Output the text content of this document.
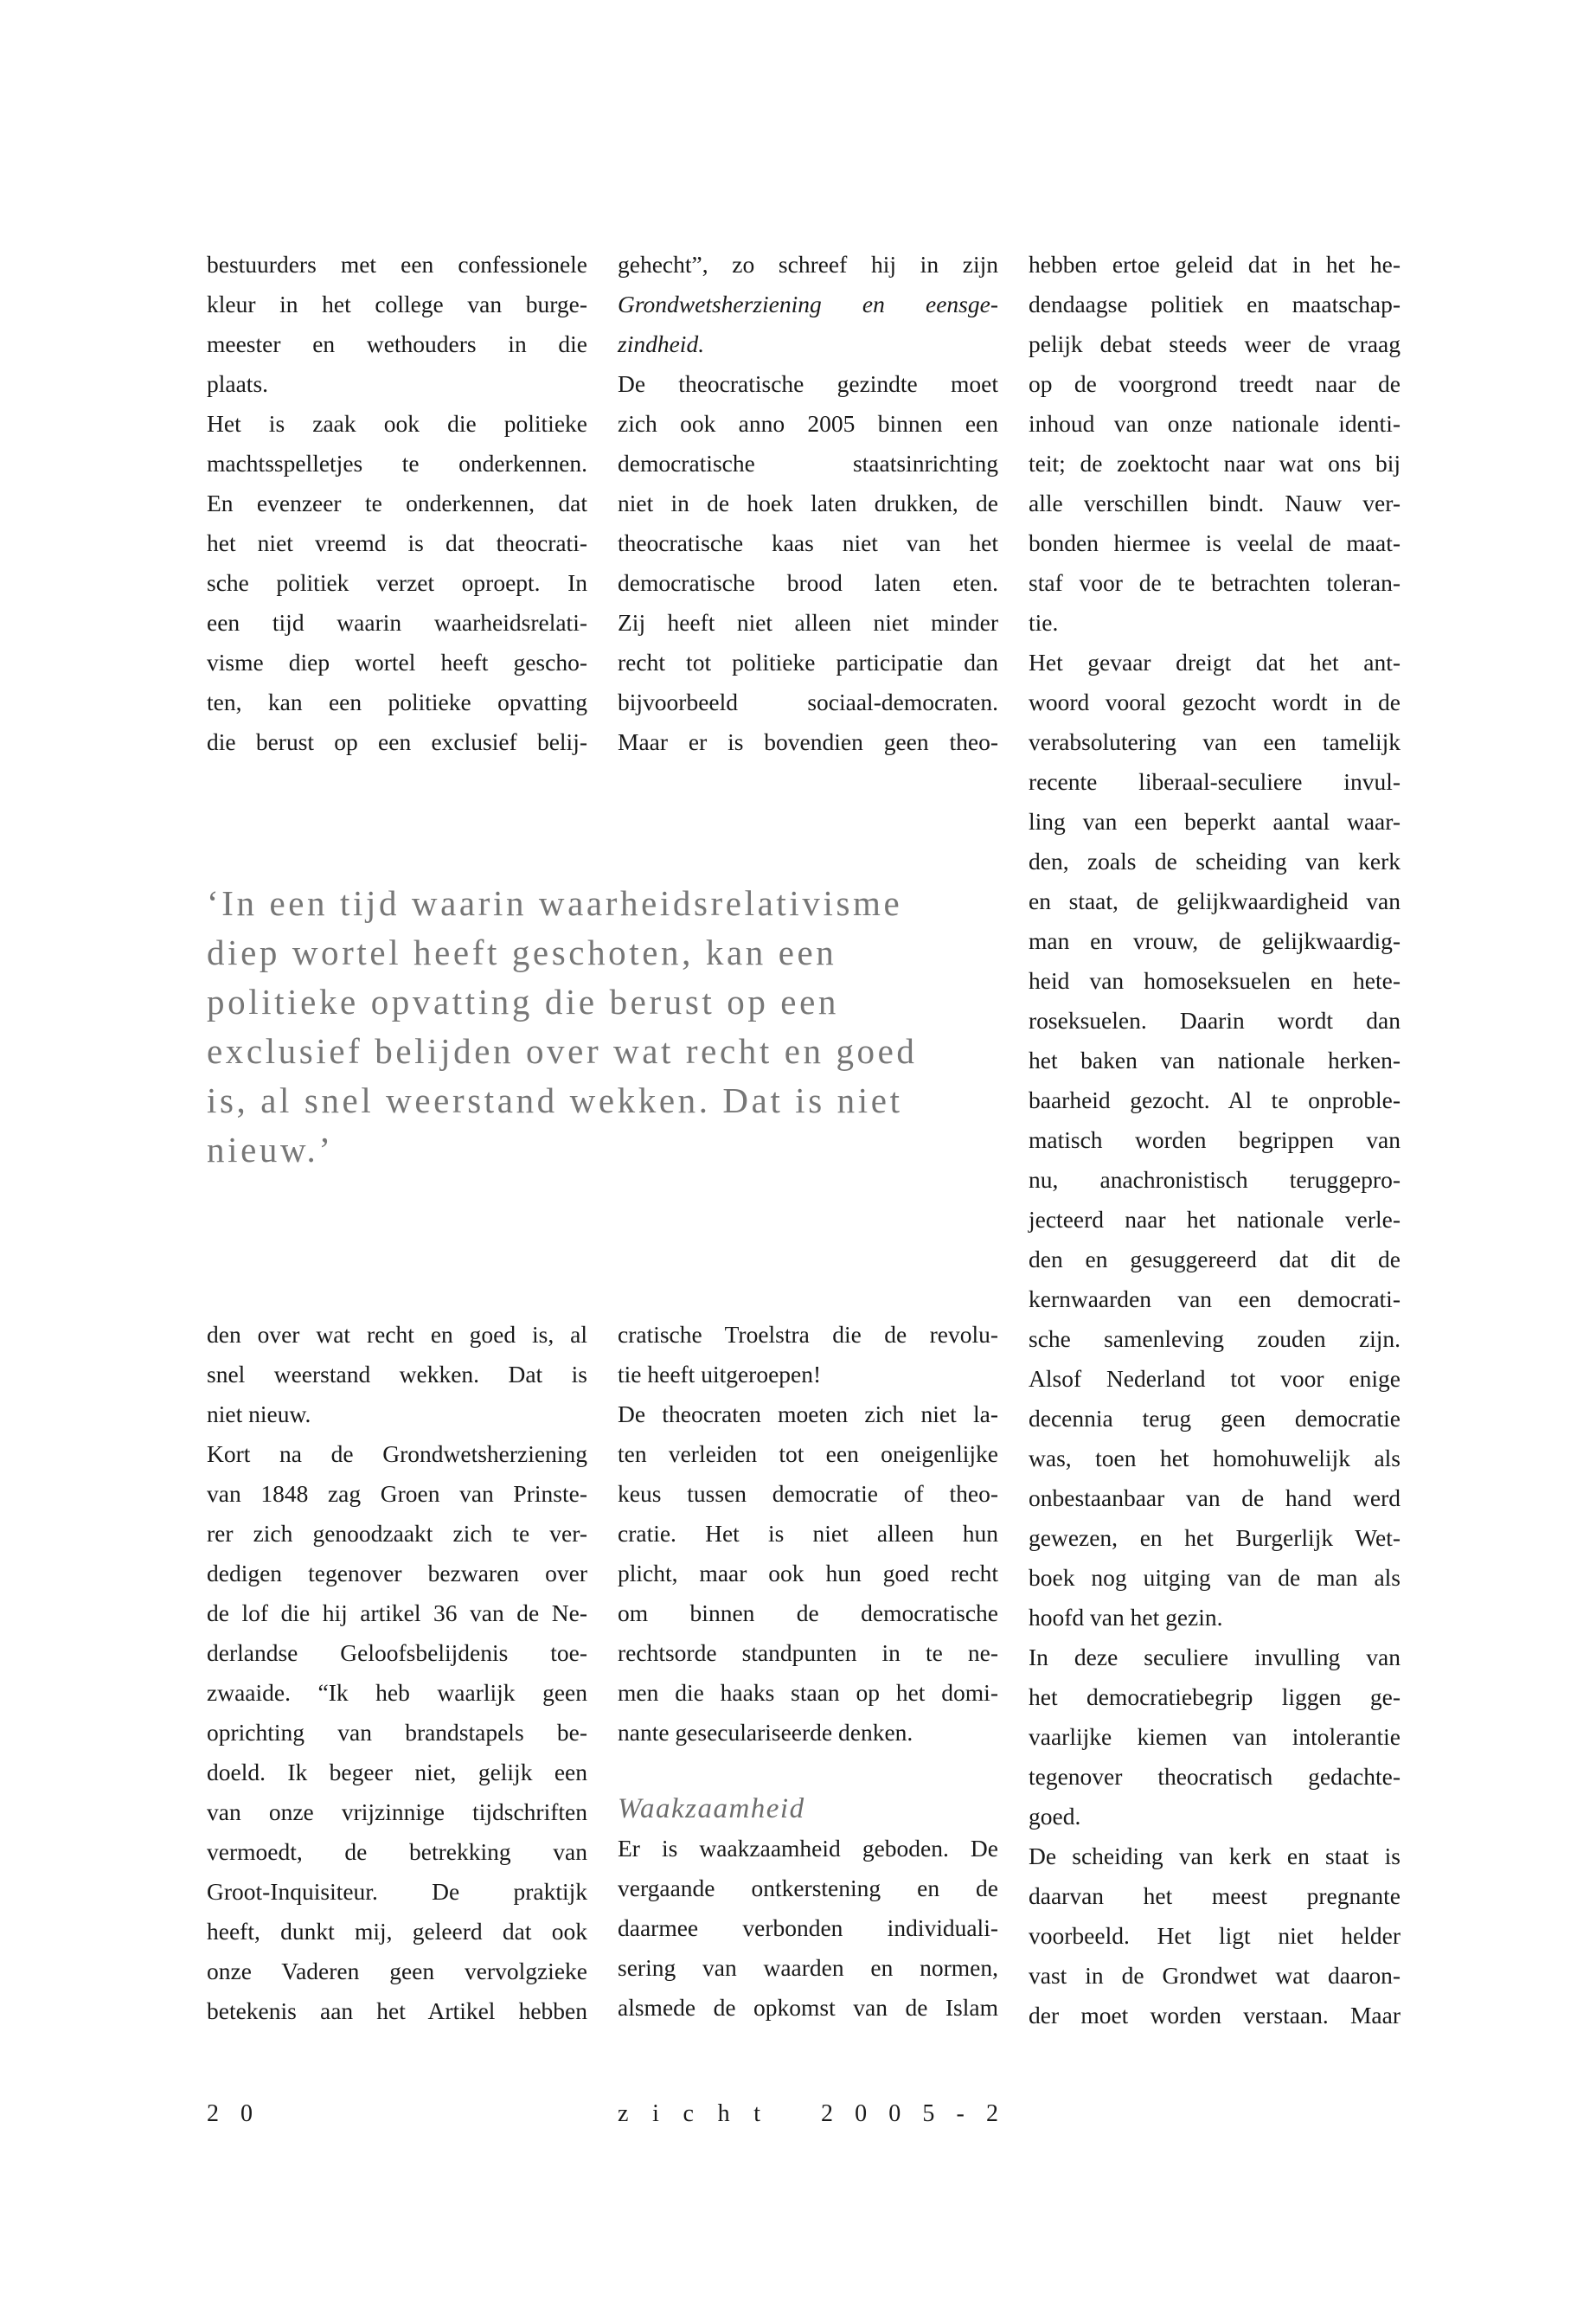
bestuurders met een confessionele
kleur in het college van burge-
meester en wethouders in die
plaats.
Het is zaak ook die politieke
machtsspelletjes te onderkennen.
En evenzeer te onderkennen, dat
het niet vreemd is dat theocrati-
sche politiek verzet oproept. In
een tijd waarin waarheidsrelati-
visme diep wortel heeft gescho-
ten, kan een politieke opvatting
die berust op een exclusief belij-
gehecht”, zo schreef hij in zijn
Grondwetsherziening en eensge-
zindheid.
De theocratische gezindte moet
zich ook anno 2005 binnen een
democratische staatsinrichting
niet in de hoek laten drukken, de
theocratische kaas niet van het
democratische brood laten eten.
Zij heeft niet alleen niet minder
recht tot politieke participatie dan
bijvoorbeeld sociaal-democraten.
Maar er is bovendien geen theo-
‘In een tijd waarin waarheidsrelativisme
diep wortel heeft geschoten, kan een
politieke opvatting die berust op een
exclusief belijden over wat recht en goed
is, al snel weerstand wekken. Dat is niet
nieuw.’
den over wat recht en goed is, al
snel weerstand wekken. Dat is
niet nieuw.
Kort na de Grondwetsherziening
van 1848 zag Groen van Prinste-
rer zich genoodzaakt zich te ver-
dedigen tegenover bezwaren over
de lof die hij artikel 36 van de Ne-
derlandse Geloofsbelijdenis toe-
zwaaide. “Ik heb waarlijk geen
oprichting van brandstapels be-
doeld. Ik begeer niet, gelijk een
van onze vrijzinnige tijdschriften
vermoedt, de betrekking van
Groot-Inquisiteur. De praktijk
heeft, dunkt mij, geleerd dat ook
onze Vaderen geen vervolgzieke
betekenis aan het Artikel hebben
cratische Troelstra die de revolu-
tie heeft uitgeroepen!
De theocraten moeten zich niet la-
ten verleiden tot een oneigenlijke
keus tussen democratie of theo-
cratie. Het is niet alleen hun
plicht, maar ook hun goed recht
om binnen de democratische
rechtsorde standpunten in te ne-
men die haaks staan op het domi-
nante geseculariseerde denken.
Waakzaamheid
Er is waakzaamheid geboden. De
vergaande ontkerstening en de
daarmee verbonden individuali-
sering van waarden en normen,
alsmede de opkomst van de Islam
hebben ertoe geleid dat in het he-
dendaagse politiek en maatschap-
pelijk debat steeds weer de vraag
op de voorgrond treedt naar de
inhoud van onze nationale identi-
teit; de zoektocht naar wat ons bij
alle verschillen bindt. Nauw ver-
bonden hiermee is veelal de maat-
staf voor de te betrachten toleran-
tie.
Het gevaar dreigt dat het ant-
woord vooral gezocht wordt in de
verabsolutering van een tamelijk
recente liberaal-seculiere invul-
ling van een beperkt aantal waar-
den, zoals de scheiding van kerk
en staat, de gelijkwaardigheid van
man en vrouw, de gelijkwaardig-
heid van homoseksuelen en hete-
roseksuelen. Daarin wordt dan
het baken van nationale herken-
baarheid gezocht. Al te onproble-
matisch worden begrippen van
nu, anachronistisch teruggepro-
jecteerd naar het nationale verle-
den en gesuggereerd dat dit de
kernwaarden van een democrati-
sche samenleving zouden zijn.
Alsof Nederland tot voor enige
decennia terug geen democratie
was, toen het homohuwelijk als
onbestaanbaar van de hand werd
gewezen, en het Burgerlijk Wet-
boek nog uitging van de man als
hoofd van het gezin.
In deze seculiere invulling van
het democratiebegrip liggen ge-
vaarlijke kiemen van intolerantie
tegenover theocratisch gedachte-
goed.
De scheiding van kerk en staat is
daarvan het meest pregnante
voorbeeld. Het ligt niet helder
vast in de Grondwet wat daaron-
der moet worden verstaan. Maar
2 0	z i c h t	2 0 0 5 - 2
